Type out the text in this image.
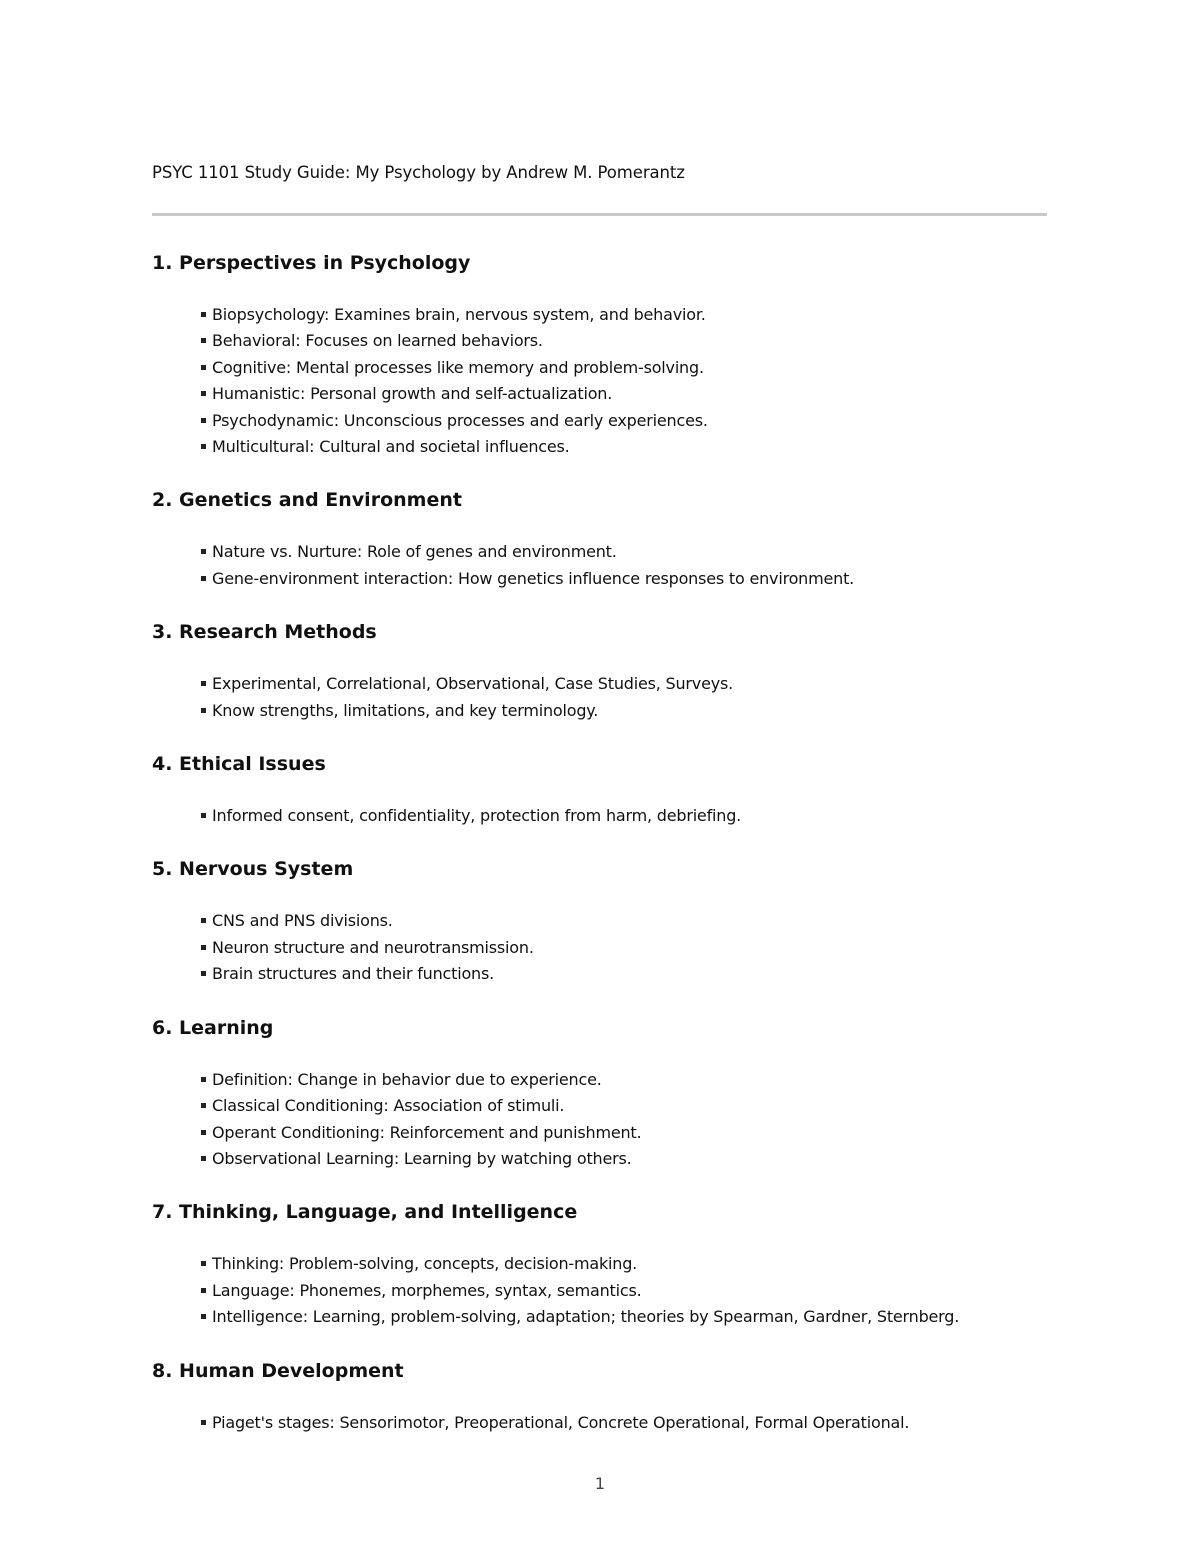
PSYC 1101 Study Guide: My Psychology by Andrew M. Pomerantz
1. Perspectives in Psychology
Biopsychology: Examines brain, nervous system, and behavior.
Behavioral: Focuses on learned behaviors.
Cognitive: Mental processes like memory and problem-solving.
Humanistic: Personal growth and self-actualization.
Psychodynamic: Unconscious processes and early experiences.
Multicultural: Cultural and societal influences.
2. Genetics and Environment
Nature vs. Nurture: Role of genes and environment.
Gene-environment interaction: How genetics influence responses to environment.
3. Research Methods
Experimental, Correlational, Observational, Case Studies, Surveys.
Know strengths, limitations, and key terminology.
4. Ethical Issues
Informed consent, confidentiality, protection from harm, debriefing.
5. Nervous System
CNS and PNS divisions.
Neuron structure and neurotransmission.
Brain structures and their functions.
6. Learning
Definition: Change in behavior due to experience.
Classical Conditioning: Association of stimuli.
Operant Conditioning: Reinforcement and punishment.
Observational Learning: Learning by watching others.
7. Thinking, Language, and Intelligence
Thinking: Problem-solving, concepts, decision-making.
Language: Phonemes, morphemes, syntax, semantics.
Intelligence: Learning, problem-solving, adaptation; theories by Spearman, Gardner, Sternberg.
8. Human Development
Piaget's stages: Sensorimotor, Preoperational, Concrete Operational, Formal Operational.
1
